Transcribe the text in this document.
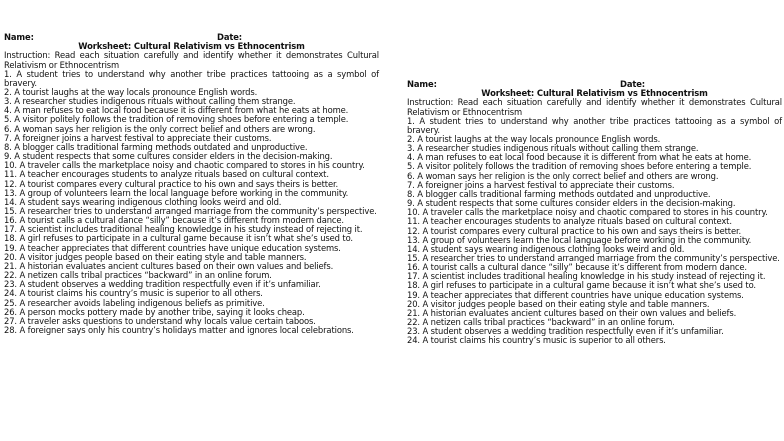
Name:	Date:
Worksheet: Cultural Relativism vs Ethnocentrism
Instruction: Read each situation carefully and identify whether it demonstrates Cultural Relativism or Ethnocentrism
1. A student tries to understand why another tribe practices tattooing as a symbol of bravery.
2. A tourist laughs at the way locals pronounce English words.
3. A researcher studies indigenous rituals without calling them strange.
4. A man refuses to eat local food because it is different from what he eats at home.
5. A visitor politely follows the tradition of removing shoes before entering a temple.
6. A woman says her religion is the only correct belief and others are wrong.
7. A foreigner joins a harvest festival to appreciate their customs.
8. A blogger calls traditional farming methods outdated and unproductive.
9. A student respects that some cultures consider elders in the decision-making.
10. A traveler calls the marketplace noisy and chaotic compared to stores in his country.
11. A teacher encourages students to analyze rituals based on cultural context.
12. A tourist compares every cultural practice to his own and says theirs is better.
13. A group of volunteers learn the local language before working in the community.
14. A student says wearing indigenous clothing looks weird and old.
15. A researcher tries to understand arranged marriage from the community’s perspective.
16. A tourist calls a cultural dance “silly” because it’s different from modern dance.
17. A scientist includes traditional healing knowledge in his study instead of rejecting it.
18. A girl refuses to participate in a cultural game because it isn’t what she’s used to.
19. A teacher appreciates that different countries have unique education systems.
20. A visitor judges people based on their eating style and table manners.
21. A historian evaluates ancient cultures based on their own values and beliefs.
22. A netizen calls tribal practices “backward” in an online forum.
23. A student observes a wedding tradition respectfully even if it’s unfamiliar.
24. A tourist claims his country’s music is superior to all others.
25. A researcher avoids labeling indigenous beliefs as primitive.
26. A person mocks pottery made by another tribe, saying it looks cheap.
27. A traveler asks questions to understand why locals value certain taboos.
28. A foreigner says only his country’s holidays matter and ignores local celebrations.
Name:	Date:
Worksheet: Cultural Relativism vs Ethnocentrism
Instruction: Read each situation carefully and identify whether it demonstrates Cultural Relativism or Ethnocentrism
1. A student tries to understand why another tribe practices tattooing as a symbol of bravery.
2. A tourist laughs at the way locals pronounce English words.
3. A researcher studies indigenous rituals without calling them strange.
4. A man refuses to eat local food because it is different from what he eats at home.
5. A visitor politely follows the tradition of removing shoes before entering a temple.
6. A woman says her religion is the only correct belief and others are wrong.
7. A foreigner joins a harvest festival to appreciate their customs.
8. A blogger calls traditional farming methods outdated and unproductive.
9. A student respects that some cultures consider elders in the decision-making.
10. A traveler calls the marketplace noisy and chaotic compared to stores in his country.
11. A teacher encourages students to analyze rituals based on cultural context.
12. A tourist compares every cultural practice to his own and says theirs is better.
13. A group of volunteers learn the local language before working in the community.
14. A student says wearing indigenous clothing looks weird and old.
15. A researcher tries to understand arranged marriage from the community’s perspective.
16. A tourist calls a cultural dance “silly” because it’s different from modern dance.
17. A scientist includes traditional healing knowledge in his study instead of rejecting it.
18. A girl refuses to participate in a cultural game because it isn’t what she’s used to.
19. A teacher appreciates that different countries have unique education systems.
20. A visitor judges people based on their eating style and table manners.
21. A historian evaluates ancient cultures based on their own values and beliefs.
22. A netizen calls tribal practices “backward” in an online forum.
23. A student observes a wedding tradition respectfully even if it’s unfamiliar.
24. A tourist claims his country’s music is superior to all others.
